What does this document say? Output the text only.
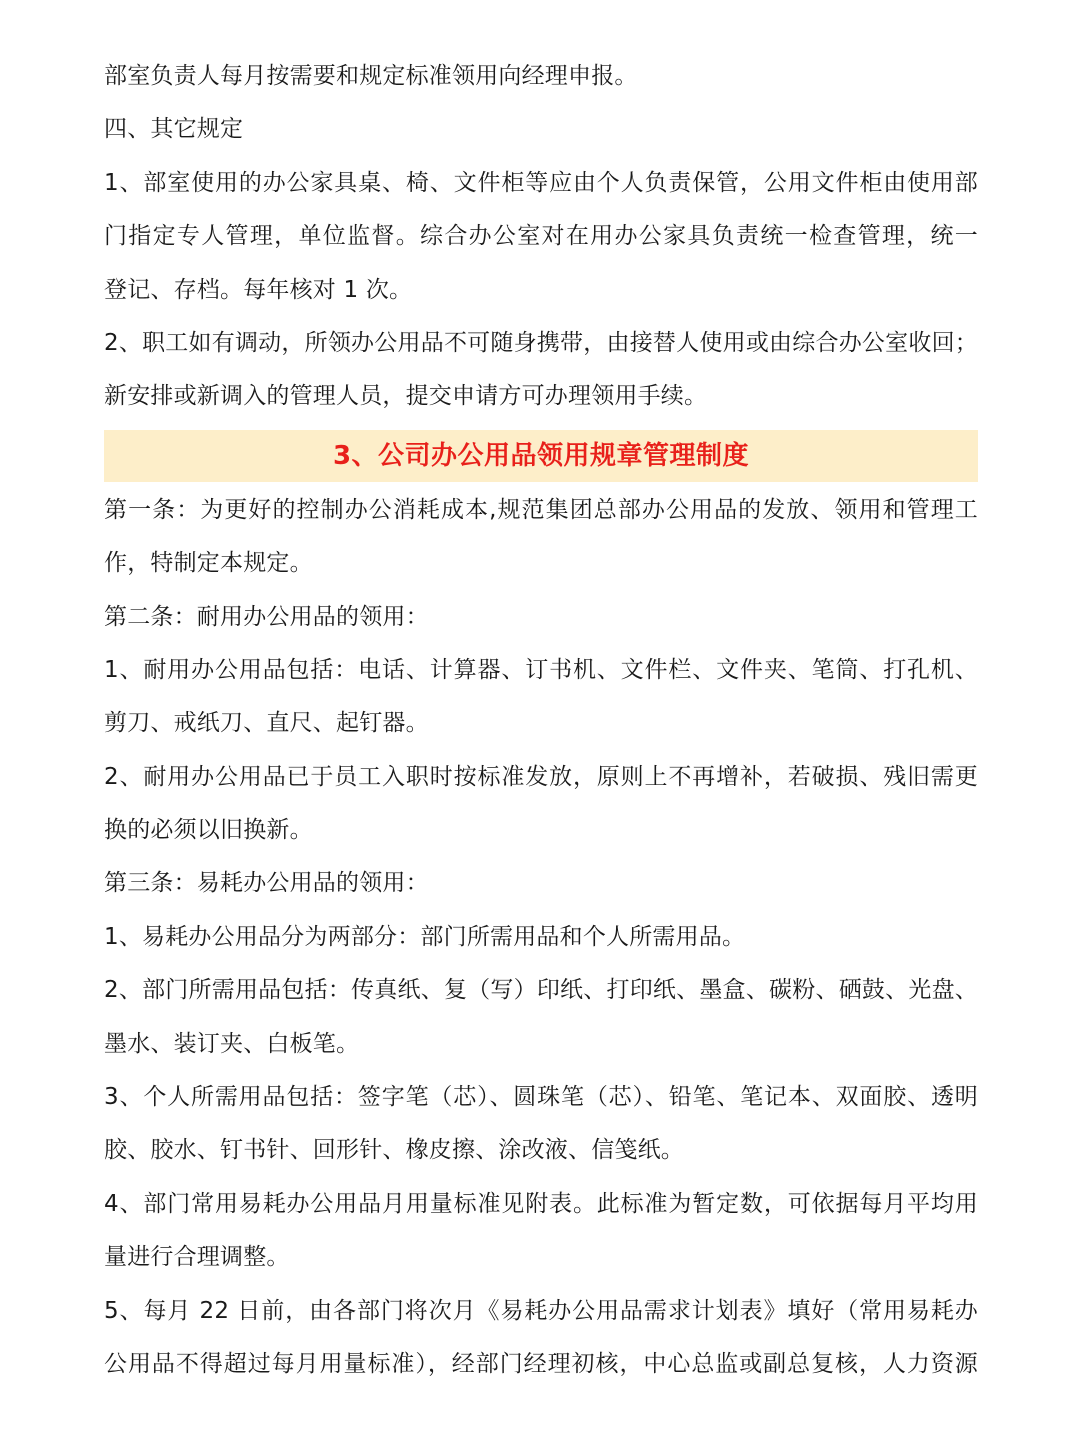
部室负责人每月按需要和规定标准领用向经理申报。
四、其它规定
1、部室使用的办公家具桌、椅、文件柜等应由个人负责保管，公用文件柜由使用部
门指定专人管理，单位监督。综合办公室对在用办公家具负责统一检查管理，统一
登记、存档。每年核对 1 次。
2、职工如有调动，所领办公用品不可随身携带，由接替人使用或由综合办公室收回；
新安排或新调入的管理人员，提交申请方可办理领用手续。
3、公司办公用品领用规章管理制度
第一条：为更好的控制办公消耗成本,规范集团总部办公用品的发放、领用和管理工
作，特制定本规定。
第二条：耐用办公用品的领用：
1、耐用办公用品包括：电话、计算器、订书机、文件栏、文件夹、笔筒、打孔机、
剪刀、戒纸刀、直尺、起钉器。
2、耐用办公用品已于员工入职时按标准发放，原则上不再增补，若破损、残旧需更
换的必须以旧换新。
第三条：易耗办公用品的领用：
1、易耗办公用品分为两部分：部门所需用品和个人所需用品。
2、部门所需用品包括：传真纸、复（写）印纸、打印纸、墨盒、碳粉、硒鼓、光盘、
墨水、装订夹、白板笔。
3、个人所需用品包括：签字笔（芯）、圆珠笔（芯）、铅笔、笔记本、双面胶、透明
胶、胶水、钉书针、回形针、橡皮擦、涂改液、信笺纸。
4、部门常用易耗办公用品月用量标准见附表。此标准为暂定数，可依据每月平均用
量进行合理调整。
5、每月 22 日前，由各部门将次月《易耗办公用品需求计划表》填好（常用易耗办
公用品不得超过每月用量标准），经部门经理初核，中心总监或副总复核，人力资源
